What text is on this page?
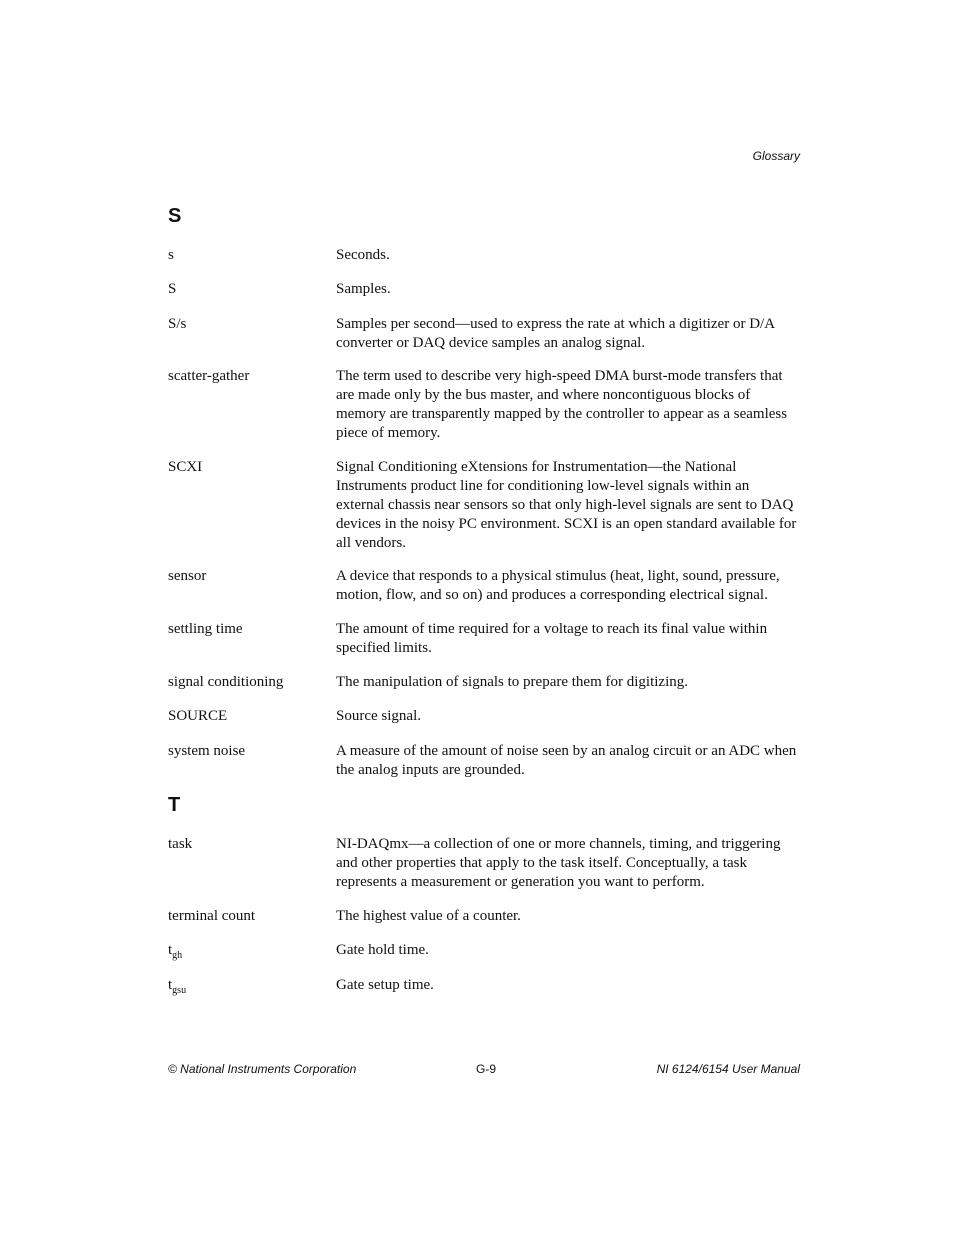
Glossary
S
s	Seconds.
S	Samples.
S/s	Samples per second—used to express the rate at which a digitizer or D/A converter or DAQ device samples an analog signal.
scatter-gather	The term used to describe very high-speed DMA burst-mode transfers that are made only by the bus master, and where noncontiguous blocks of memory are transparently mapped by the controller to appear as a seamless piece of memory.
SCXI	Signal Conditioning eXtensions for Instrumentation—the National Instruments product line for conditioning low-level signals within an external chassis near sensors so that only high-level signals are sent to DAQ devices in the noisy PC environment. SCXI is an open standard available for all vendors.
sensor	A device that responds to a physical stimulus (heat, light, sound, pressure, motion, flow, and so on) and produces a corresponding electrical signal.
settling time	The amount of time required for a voltage to reach its final value within specified limits.
signal conditioning	The manipulation of signals to prepare them for digitizing.
SOURCE	Source signal.
system noise	A measure of the amount of noise seen by an analog circuit or an ADC when the analog inputs are grounded.
T
task	NI-DAQmx—a collection of one or more channels, timing, and triggering and other properties that apply to the task itself. Conceptually, a task represents a measurement or generation you want to perform.
terminal count	The highest value of a counter.
$t_{gh}$	Gate hold time.
$t_{gsu}$	Gate setup time.
© National Instruments Corporation	G-9	NI 6124/6154 User Manual
